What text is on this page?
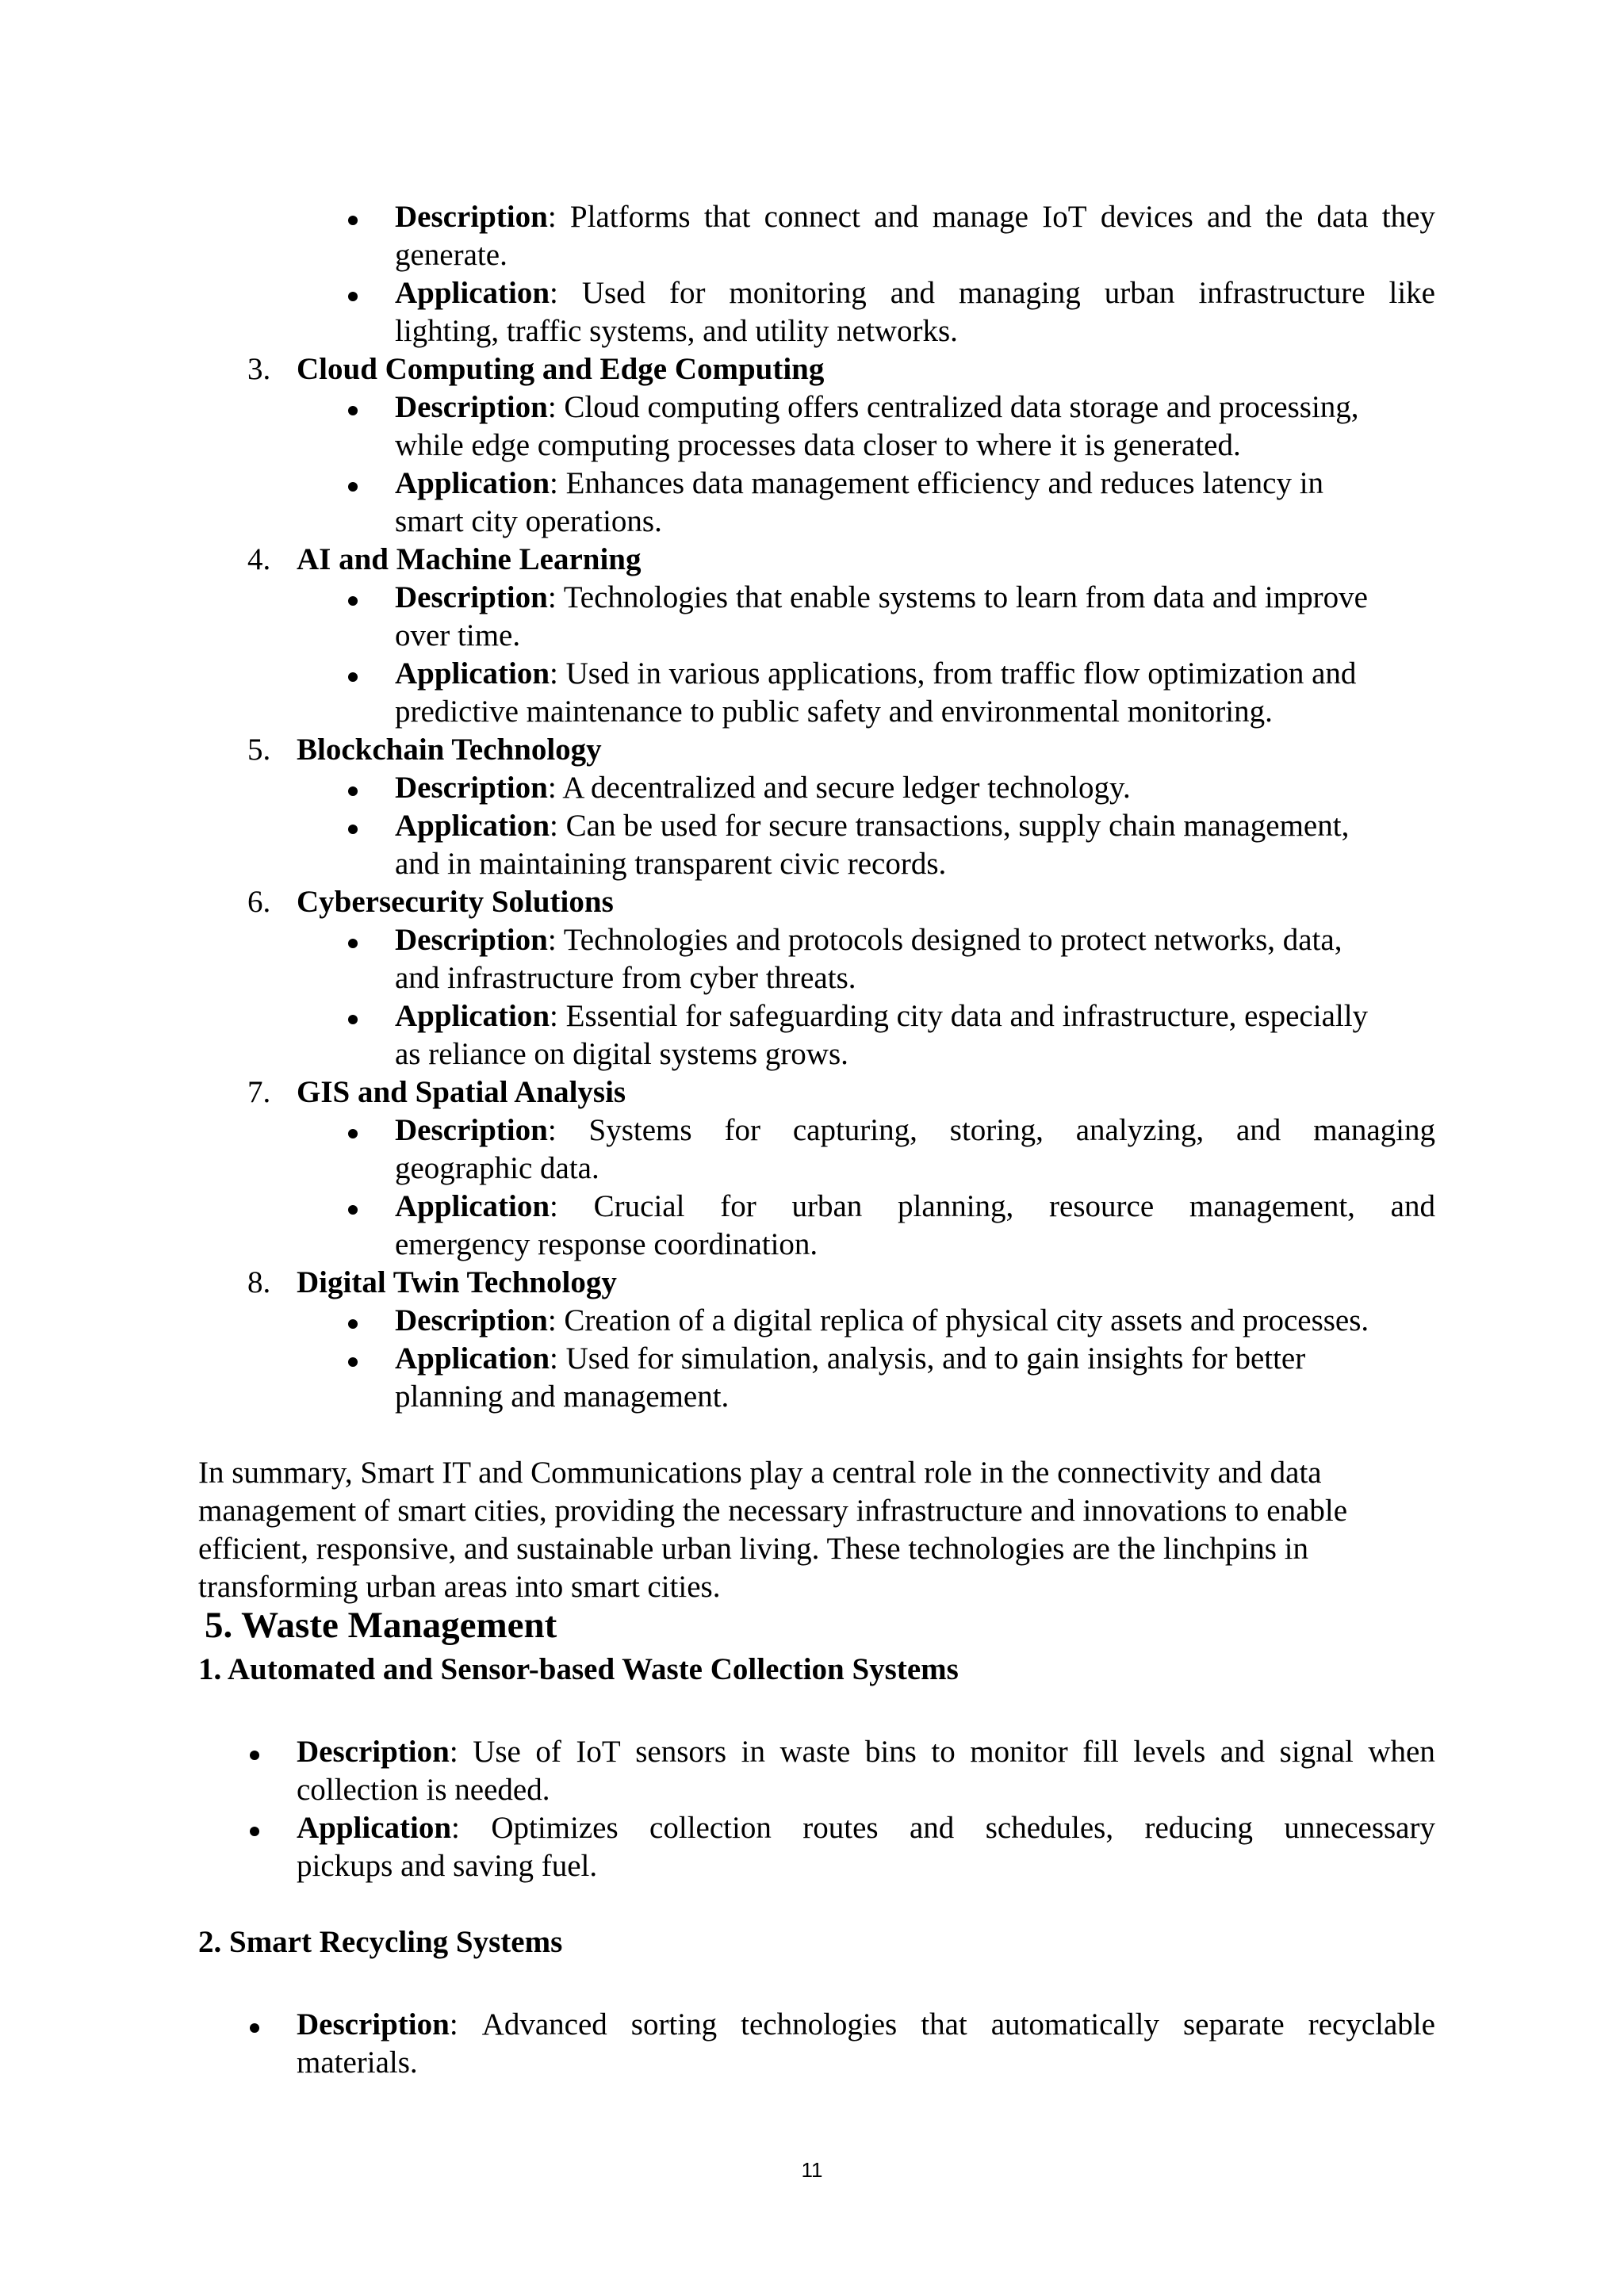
Description: Platforms that connect and manage IoT devices and the data they

generate.

Application: Used for monitoring and managing urban infrastructure like

lighting, traffic systems, and utility networks.

3. Cloud Computing and Edge Computing

Description: Cloud computing offers centralized data storage and processing,

while edge computing processes data closer to where it is generated.

Application: Enhances data management efficiency and reduces latency in

smart city operations.

4. AI and Machine Learning

Description: Technologies that enable systems to learn from data and improve

over time.

Application: Used in various applications, from traffic flow optimization and

predictive maintenance to public safety and environmental monitoring.

5. Blockchain Technology

Description: A decentralized and secure ledger technology.

Application: Can be used for secure transactions, supply chain management,

and in maintaining transparent civic records.

6. Cybersecurity Solutions

Description: Technologies and protocols designed to protect networks, data,

and infrastructure from cyber threats.

Application: Essential for safeguarding city data and infrastructure, especially

as reliance on digital systems grows.

7. GIS and Spatial Analysis

Description: Systems for capturing, storing, analyzing, and managing

geographic data.

Application: Crucial for urban planning, resource management, and

emergency response coordination.

8. Digital Twin Technology

Description: Creation of a digital replica of physical city assets and processes.

Application: Used for simulation, analysis, and to gain insights for better

planning and management.

In summary, Smart IT and Communications play a central role in the connectivity and data

management of smart cities, providing the necessary infrastructure and innovations to enable

efficient, responsive, and sustainable urban living. These technologies are the linchpins in

transforming urban areas into smart cities.

5. Waste Management

1. Automated and Sensor-based Waste Collection Systems

Description: Use of IoT sensors in waste bins to monitor fill levels and signal when

collection is needed.

Application: Optimizes collection routes and schedules, reducing unnecessary

pickups and saving fuel.

2. Smart Recycling Systems

Description: Advanced sorting technologies that automatically separate recyclable

materials.

11
